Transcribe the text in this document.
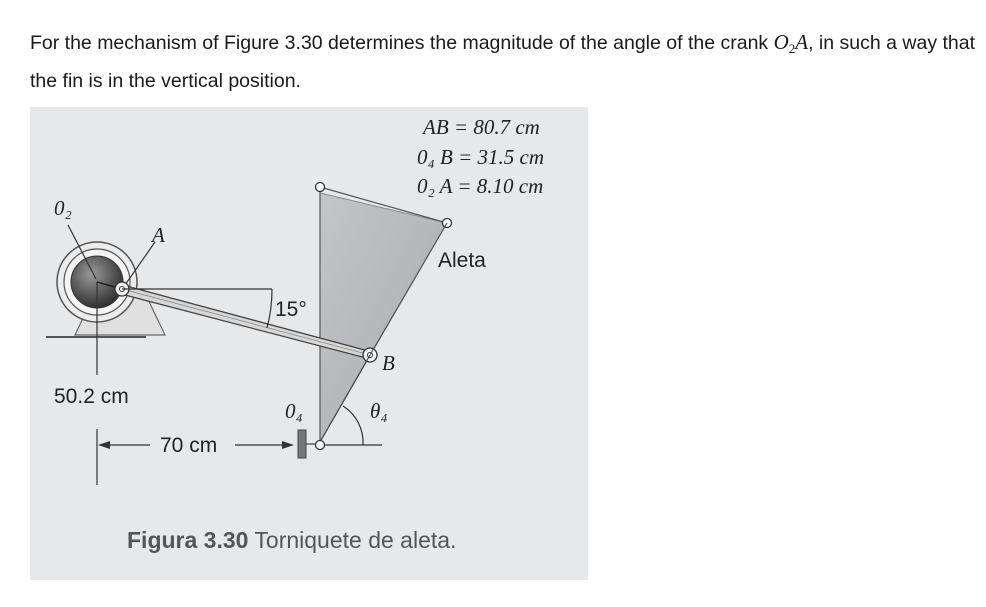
For the mechanism of Figure 3.30 determines the magnitude of the angle of the crank $O_2A$, in such a way that the fin is in the vertical position.
AB = 80.7 cm
0₄ B = 31.5 cm
0₂ A = 8.10 cm
0₂
A
B
0₄	θ₄
Aleta
15°
50.2 cm
70 cm
Figura 3.30 Torniquete de aleta.
